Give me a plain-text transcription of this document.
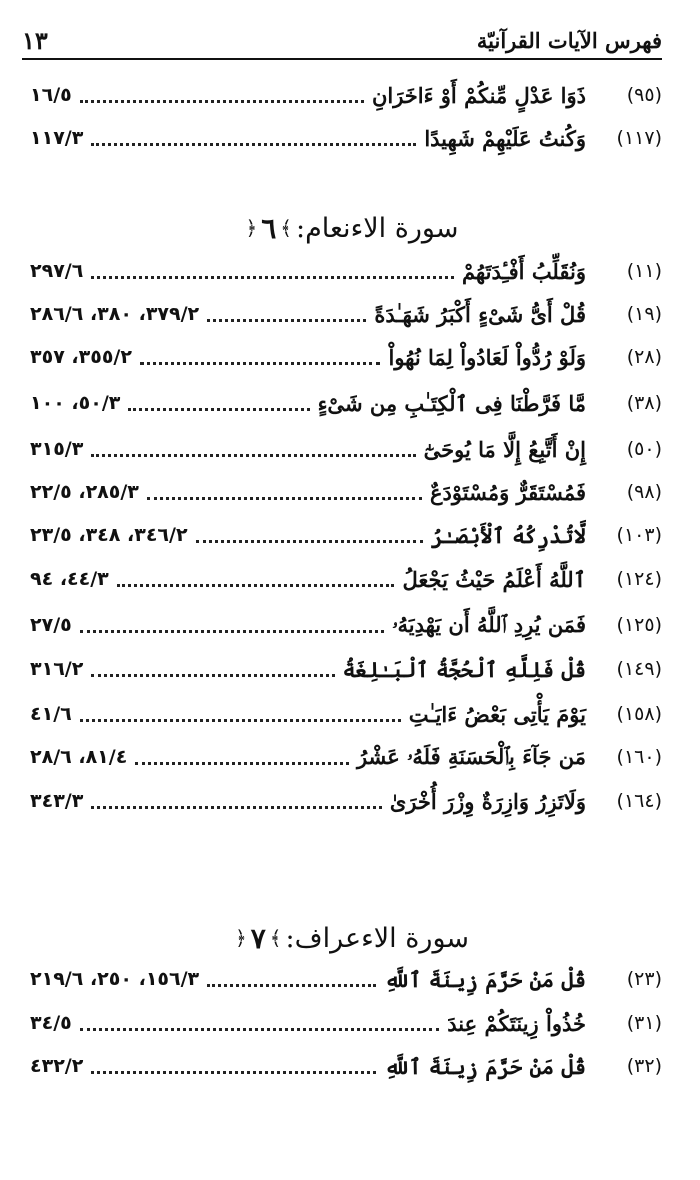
فهرس الآيات القرآنيّة
١٣
(٩٥)
ذَوَا عَدْلٍ مِّنكُمْ أَوْ ءَاخَرَانِ
١٦/٥
(١١٧)
وَكُنتُ عَلَيْهِمْ شَهِيدًا
١١٧/٣
سورة الاءنعام:
﴾
٦
﴿
(١١)
وَنُقَلِّبُ أَفْـِٔدَتَهُمْ
٢٩٧/٦
(١٩)
قُلْ أَىُّ شَىْءٍ أَكْبَرُ شَهَـٰدَةً
٣٧٩/٢، ٣٨٠، ٢٨٦/٦
(٢٨)
وَلَوْ رُدُّواْ لَعَادُواْ لِمَا نُهُواْ
٣٥٥/٢، ٣٥٧
(٣٨)
مَّا فَرَّطْنَا فِى ٱلْكِتَـٰبِ مِن شَىْءٍ
٥٠/٣، ١٠٠
(٥٠)
إِنْ أَتَّبِعُ إِلَّا مَا يُوحَىٰٓ
٣١٥/٣
(٩٨)
فَمُسْتَقَرٌّ وَمُسْتَوْدَعٌ
٢٨٥/٣، ٢٢/٥
(١٠٣)
لَّاتُدْرِكُهُ ٱلْأَبْصَـٰرُ
٣٤٦/٢، ٣٤٨، ٢٣/٥
(١٢٤)
ٱللَّهُ أَعْلَمُ حَيْثُ يَجْعَلُ
٤٤/٣، ٩٤
(١٢٥)
فَمَن يُرِدِ ٱللَّهُ أَن يَهْدِيَهُۥ
٢٧/٥
(١٤٩)
قُلْ فَلِلَّهِ ٱلْحُجَّةُ ٱلْبَـٰلِغَةُ
٣١٦/٢
(١٥٨)
يَوْمَ يَأْتِى بَعْضُ ءَايَـٰتِ
٤١/٦
(١٦٠)
مَن جَآءَ بِٱلْحَسَنَةِ فَلَهُۥ عَشْرُ
٨١/٤، ٢٨/٦
(١٦٤)
وَلَاتَزِرُ وَازِرَةٌ وِزْرَ أُخْرَىٰ
٣٤٣/٣
سورة الاءعراف:
﴾
٧
﴿
(٢٣)
قُلْ مَنْ حَرَّمَ زِينَةَ ٱللَّهِ
١٥٦/٣، ٢٥٠، ٢١٩/٦
(٣١)
خُذُواْ زِينَتَكُمْ عِندَ
٣٤/٥
(٣٢)
قُلْ مَنْ حَرَّمَ زِينَةَ ٱللَّهِ
٤٣٢/٢
